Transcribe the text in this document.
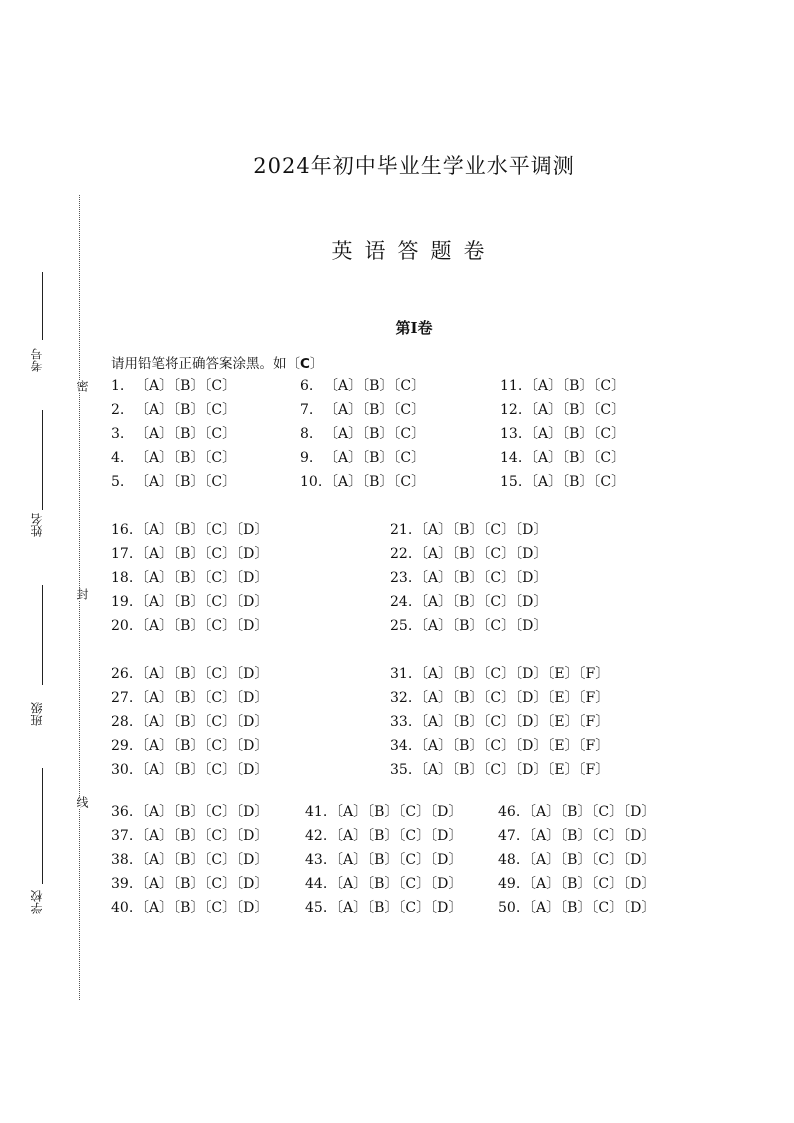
2024年初中毕业生学业水平调测
英语答题卷
第I卷
请用铅笔将正确答案涂黑。如〔C〕
密
封
线
考号
姓名
班级
学校
1. 〔A〕〔B〕〔C〕
2. 〔A〕〔B〕〔C〕
3. 〔A〕〔B〕〔C〕
4. 〔A〕〔B〕〔C〕
5. 〔A〕〔B〕〔C〕
6. 〔A〕〔B〕〔C〕
7. 〔A〕〔B〕〔C〕
8. 〔A〕〔B〕〔C〕
9. 〔A〕〔B〕〔C〕
10. 〔A〕〔B〕〔C〕
11. 〔A〕〔B〕〔C〕
12. 〔A〕〔B〕〔C〕
13. 〔A〕〔B〕〔C〕
14. 〔A〕〔B〕〔C〕
15. 〔A〕〔B〕〔C〕
16. 〔A〕〔B〕〔C〕〔D〕
17. 〔A〕〔B〕〔C〕〔D〕
18. 〔A〕〔B〕〔C〕〔D〕
19. 〔A〕〔B〕〔C〕〔D〕
20. 〔A〕〔B〕〔C〕〔D〕
21. 〔A〕〔B〕〔C〕〔D〕
22. 〔A〕〔B〕〔C〕〔D〕
23. 〔A〕〔B〕〔C〕〔D〕
24. 〔A〕〔B〕〔C〕〔D〕
25. 〔A〕〔B〕〔C〕〔D〕
26. 〔A〕〔B〕〔C〕〔D〕
27. 〔A〕〔B〕〔C〕〔D〕
28. 〔A〕〔B〕〔C〕〔D〕
29. 〔A〕〔B〕〔C〕〔D〕
30. 〔A〕〔B〕〔C〕〔D〕
31. 〔A〕〔B〕〔C〕〔D〕〔E〕〔F〕
32. 〔A〕〔B〕〔C〕〔D〕〔E〕〔F〕
33. 〔A〕〔B〕〔C〕〔D〕〔E〕〔F〕
34. 〔A〕〔B〕〔C〕〔D〕〔E〕〔F〕
35. 〔A〕〔B〕〔C〕〔D〕〔E〕〔F〕
36. 〔A〕〔B〕〔C〕〔D〕
37. 〔A〕〔B〕〔C〕〔D〕
38. 〔A〕〔B〕〔C〕〔D〕
39. 〔A〕〔B〕〔C〕〔D〕
40. 〔A〕〔B〕〔C〕〔D〕
41. 〔A〕〔B〕〔C〕〔D〕
42. 〔A〕〔B〕〔C〕〔D〕
43. 〔A〕〔B〕〔C〕〔D〕
44. 〔A〕〔B〕〔C〕〔D〕
45. 〔A〕〔B〕〔C〕〔D〕
46. 〔A〕〔B〕〔C〕〔D〕
47. 〔A〕〔B〕〔C〕〔D〕
48. 〔A〕〔B〕〔C〕〔D〕
49. 〔A〕〔B〕〔C〕〔D〕
50. 〔A〕〔B〕〔C〕〔D〕
